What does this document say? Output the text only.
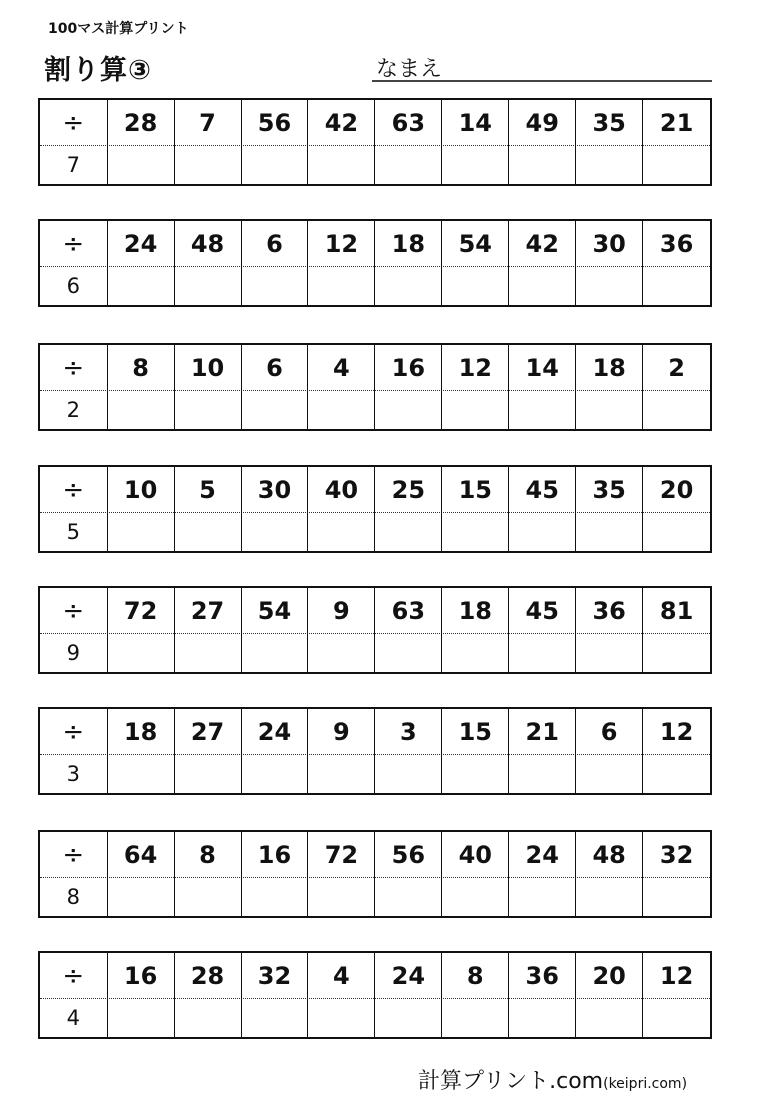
100マス計算プリント
割り算③	なまえ
÷	28	7	56	42	63	14	49	35	21
7
÷	24	48	6	12	18	54	42	30	36
6
÷	8	10	6	4	16	12	14	18	2
2
÷	10	5	30	40	25	15	45	35	20
5
÷	72	27	54	9	63	18	45	36	81
9
÷	18	27	24	9	3	15	21	6	12
3
÷	64	8	16	72	56	40	24	48	32
8
÷	16	28	32	4	24	8	36	20	12
4
計算プリント.com(keipri.com)
